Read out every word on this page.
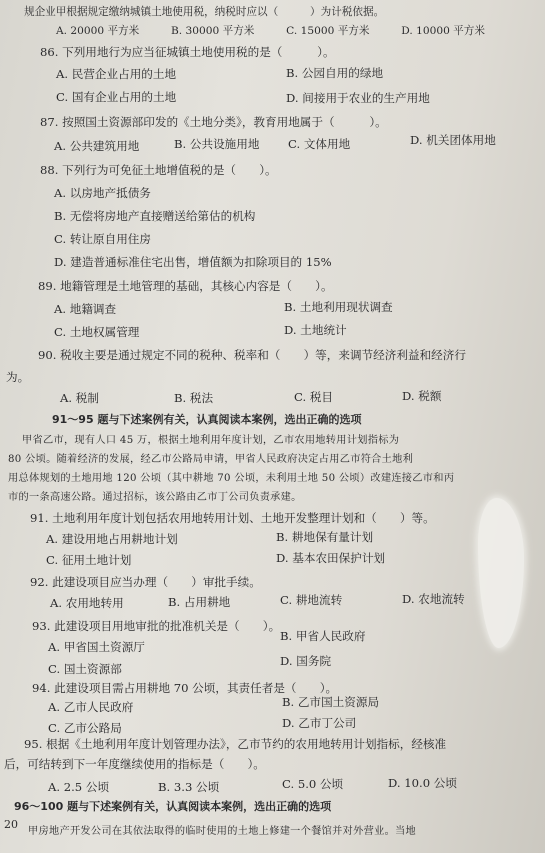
规企业甲根据规定缴纳城镇土地使用税，纳税时应以（　　　）为计税依据。
A. 20000 平方米　　　B. 30000 平方米　　　C. 15000 平方米　　　D. 10000 平方米
86. 下列用地行为应当征城镇土地使用税的是（　　　）。
A. 民营企业占用的土地	B. 公园自用的绿地
C. 国有企业占用的土地	D. 间接用于农业的生产用地
87. 按照国土资源部印发的《土地分类》，教育用地属于（　　　）。
A. 公共建筑用地	B. 公共设施用地 C. 文体用地	D. 机关团体用地
88. 下列行为可免征土地增值税的是（　　）。
A. 以房地产抵债务
B. 无偿将房地产直接赠送给第估的机构
C. 转让原自用住房
D. 建造普通标准住宅出售，增值额为扣除项目的 15%
89. 地籍管理是土地管理的基础，其核心内容是（　　）。
A. 地籍调查	B. 土地利用现状调查
C. 土地权属管理	D. 土地统计
90. 税收主要是通过规定不同的税种、税率和（　　）等，来调节经济利益和经济行
为。
A. 税制	B. 税法	C. 税目	D. 税额
91～95 题与下述案例有关，认真阅读本案例，选出正确的选项
甲省乙市，现有人口 45 万，根据土地利用年度计划，乙市农用地转用计划指标为
80 公顷。随着经济的发展，经乙市公路局申请，甲省人民政府决定占用乙市符合土地利
用总体规划的土地用地 120 公顷（其中耕地 70 公顷，未利用土地 50 公顷）改建连接乙市和丙
市的一条高速公路。通过招标，该公路由乙市丁公司负责承建。
91. 土地利用年度计划包括农用地转用计划、土地开发整理计划和（　　）等。
A. 建设用地占用耕地计划	B. 耕地保有量计划
C. 征用土地计划	D. 基本农田保护计划
92. 此建设项目应当办理（　　）审批手续。
A. 农用地转用	B. 占用耕地	C. 耕地流转	D. 农地流转
93. 此建设项目用地审批的批准机关是（　　）。
A. 甲省国土资源厅
B. 甲省人民政府
C. 国土资源部
D. 国务院
94. 此建设项目需占用耕地 70 公顷，其责任者是（　　）。
A. 乙市人民政府	B. 乙市国土资源局
C. 乙市公路局	D. 乙市丁公司
95. 根据《土地利用年度计划管理办法》，乙市节约的农用地转用计划指标，经核准
后，可结转到下一年度继续使用的指标是（　　）。
A. 2.5 公顷	B. 3.3 公顷	C. 5.0 公顷	D. 10.0 公顷
96～100 题与下述案例有关，认真阅读本案例，选出正确的选项
甲房地产开发公司在其依法取得的临时使用的土地上修建一个餐馆并对外营业。当地
20
